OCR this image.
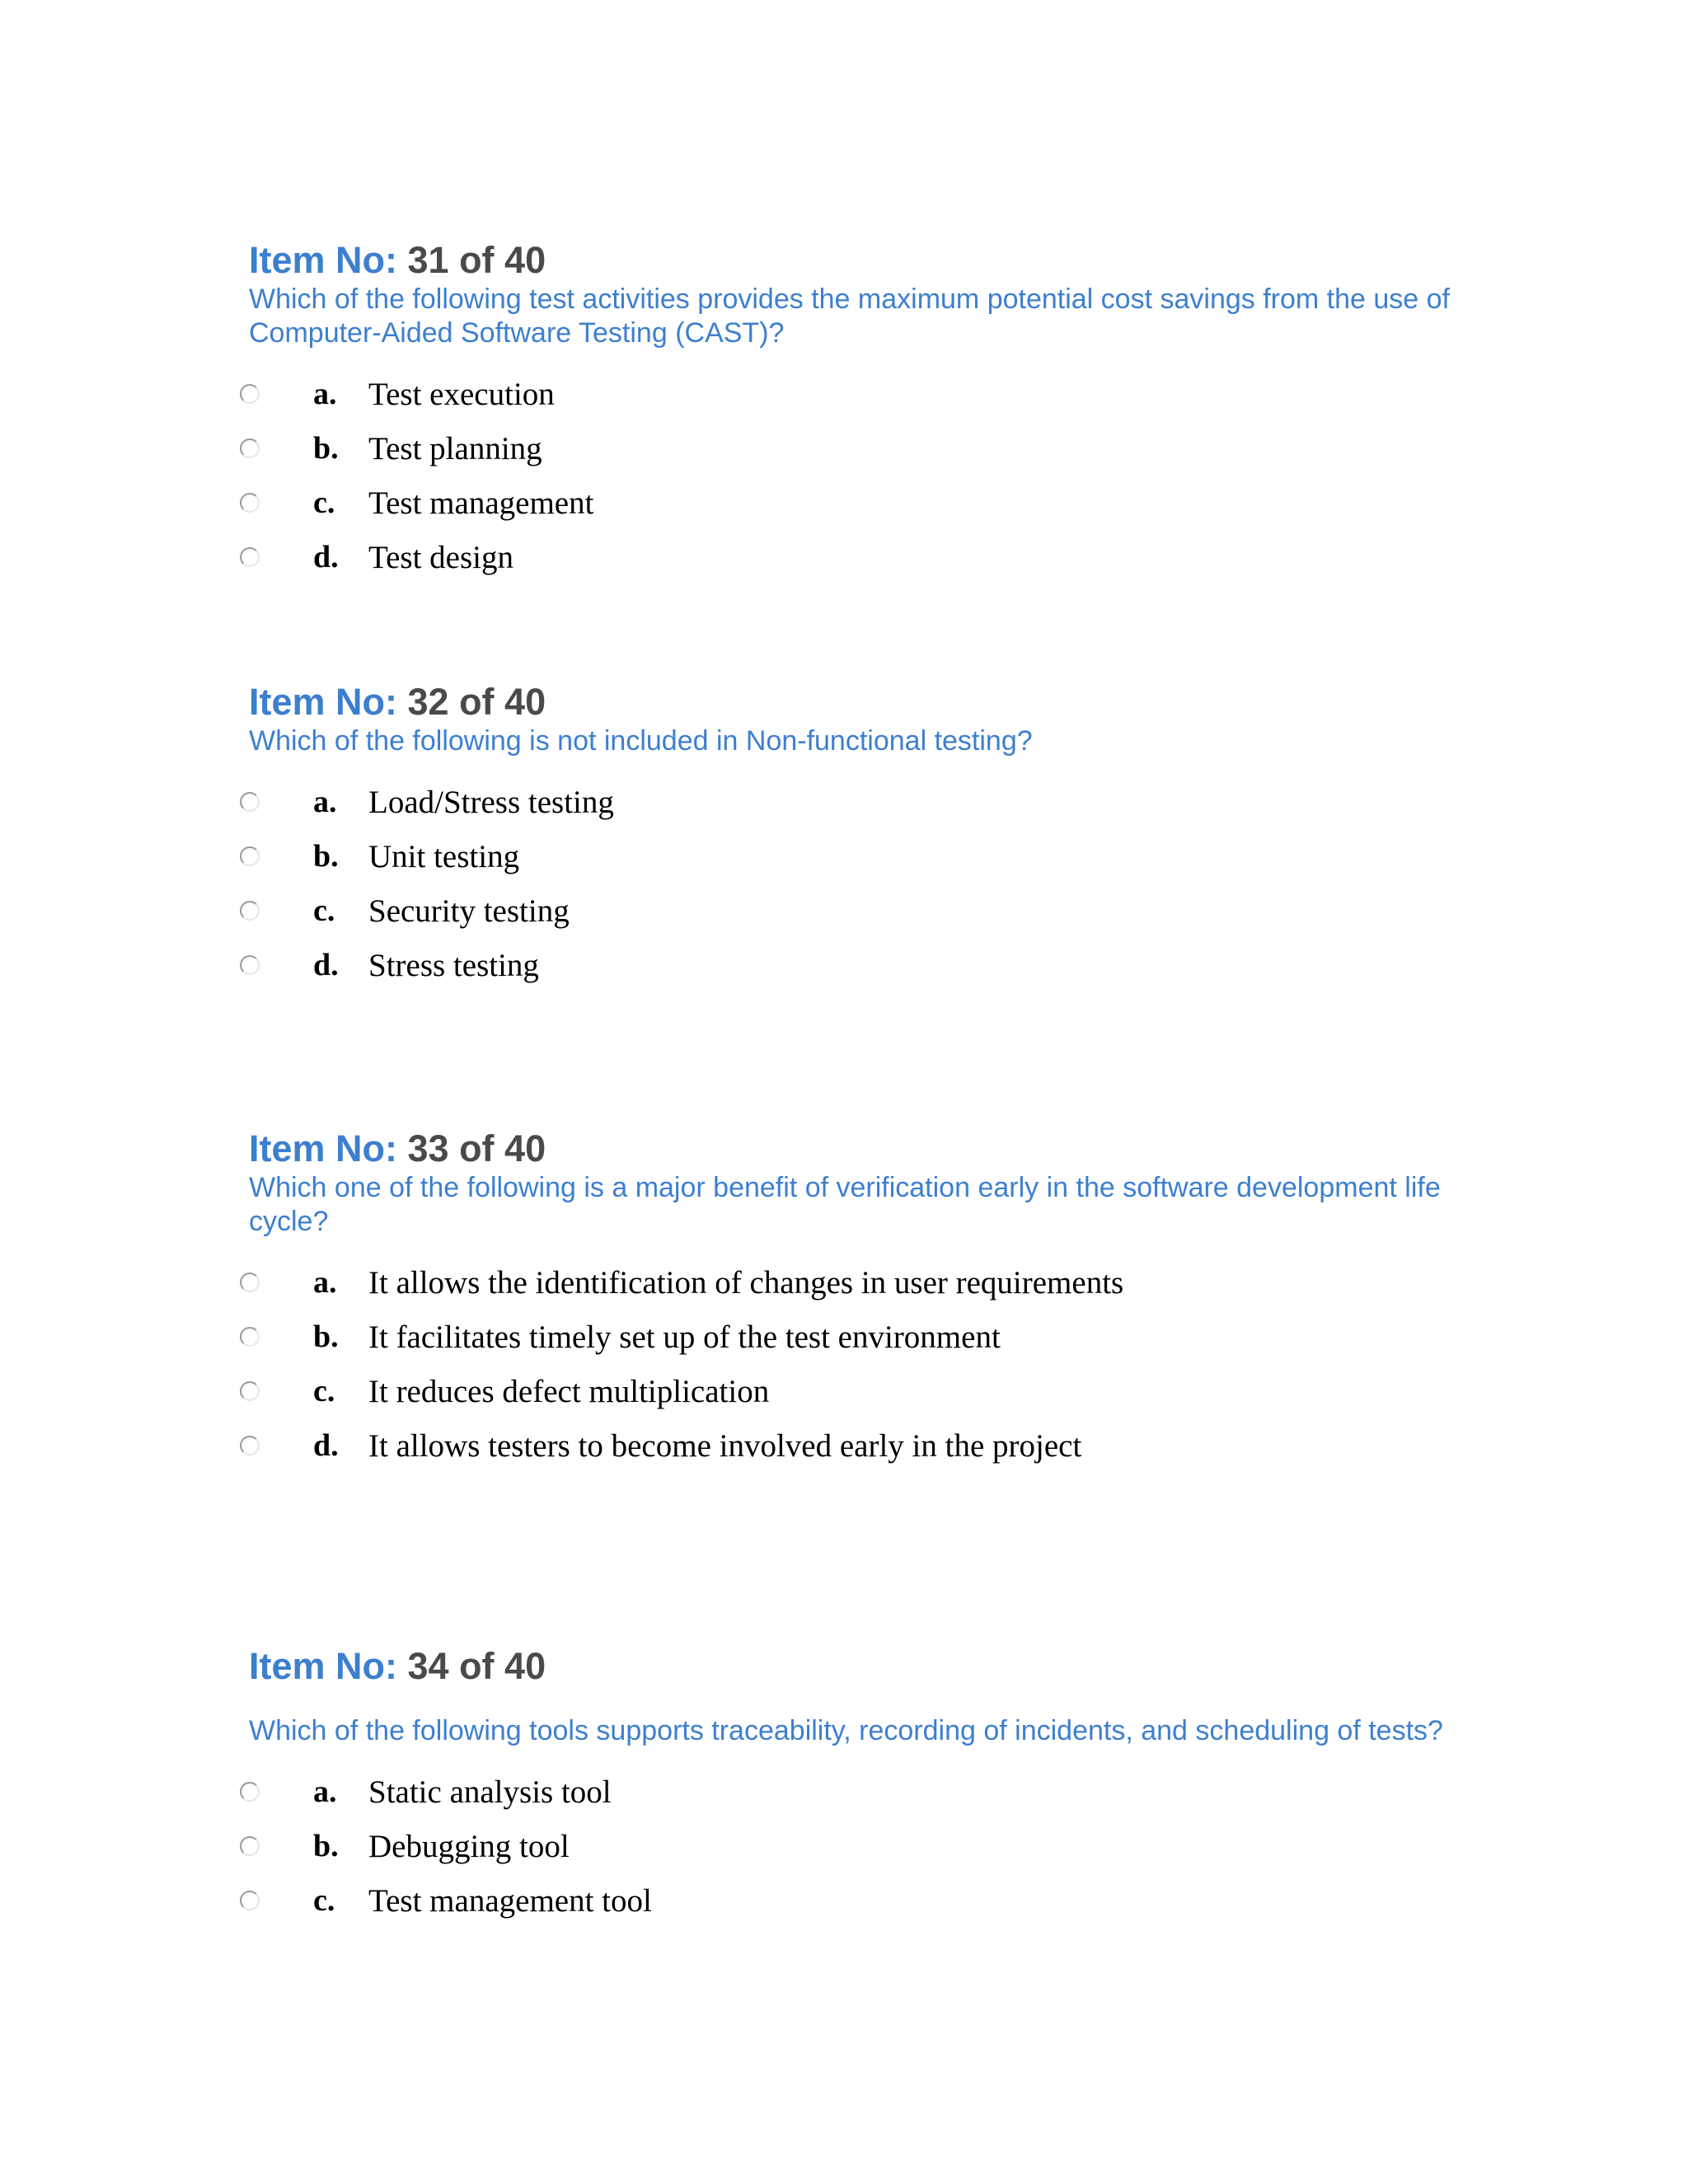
Item No: 31 of 40

Which of the following test activities provides the maximum potential cost savings from the use of Computer-Aided Software Testing (CAST)?

a. Test execution
b. Test planning
c. Test management
d. Test design
Item No: 32 of 40

Which of the following is not included in Non-functional testing?

a. Load/Stress testing
b. Unit testing
c. Security testing
d. Stress testing
Item No: 33 of 40

Which one of the following is a major benefit of verification early in the software development life cycle?

a. It allows the identification of changes in user requirements
b. It facilitates timely set up of the test environment
c. It reduces defect multiplication
d. It allows testers to become involved early in the project
Item No: 34 of 40

Which of the following tools supports traceability, recording of incidents, and scheduling of tests?

a. Static analysis tool
b. Debugging tool
c. Test management tool
